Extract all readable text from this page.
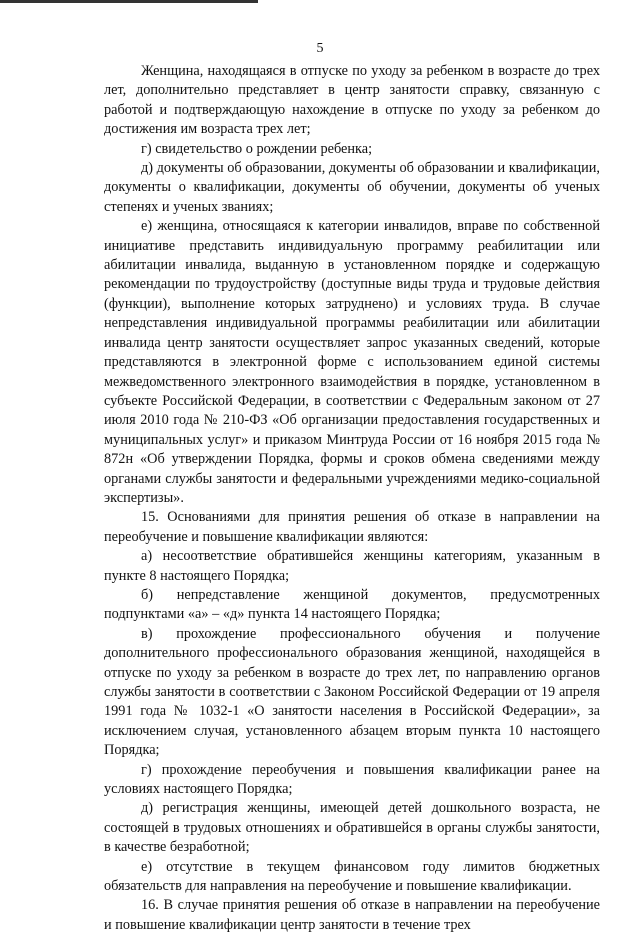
5

Женщина, находящаяся в отпуске по уходу за ребенком в возрасте до трех лет, дополнительно представляет в центр занятости справку, связанную с работой и подтверждающую нахождение в отпуске по уходу за ребенком до достижения им возраста трех лет;

г) свидетельство о рождении ребенка;

д) документы об образовании, документы об образовании и квалификации, документы о квалификации, документы об обучении, документы об ученых степенях и ученых званиях;

е) женщина, относящаяся к категории инвалидов, вправе по собственной инициативе представить индивидуальную программу реабилитации или абилитации инвалида, выданную в установленном порядке и содержащую рекомендации по трудоустройству (доступные виды труда и трудовые действия (функции), выполнение которых затруднено) и условиях труда. В случае непредставления индивидуальной программы реабилитации или абилитации инвалида центр занятости осуществляет запрос указанных сведений, которые представляются в электронной форме с использованием единой системы межведомственного электронного взаимодействия в порядке, установленном в субъекте Российской Федерации, в соответствии с Федеральным законом от 27 июля 2010 года № 210-ФЗ «Об организации предоставления государственных и муниципальных услуг» и приказом Минтруда России от 16 ноября 2015 года № 872н «Об утверждении Порядка, формы и сроков обмена сведениями между органами службы занятости и федеральными учреждениями медико-социальной экспертизы».

15. Основаниями для принятия решения об отказе в направлении на переобучение и повышение квалификации являются:

а) несоответствие обратившейся женщины категориям, указанным в пункте 8 настоящего Порядка;

б) непредставление женщиной документов, предусмотренных подпунктами «а» – «д» пункта 14 настоящего Порядка;

в) прохождение профессионального обучения и получение дополнительного профессионального образования женщиной, находящейся в отпуске по уходу за ребенком в возрасте до трех лет, по направлению органов службы занятости в соответствии с Законом Российской Федерации от 19 апреля 1991 года № 1032-1 «О занятости населения в Российской Федерации», за исключением случая, установленного абзацем вторым пункта 10 настоящего Порядка;

г) прохождение переобучения и повышения квалификации ранее на условиях настоящего Порядка;

д) регистрация женщины, имеющей детей дошкольного возраста, не состоящей в трудовых отношениях и обратившейся в органы службы занятости, в качестве безработной;

е) отсутствие в текущем финансовом году лимитов бюджетных обязательств для направления на переобучение и повышение квалификации.

16. В случае принятия решения об отказе в направлении на переобучение и повышение квалификации центр занятости в течение трех
